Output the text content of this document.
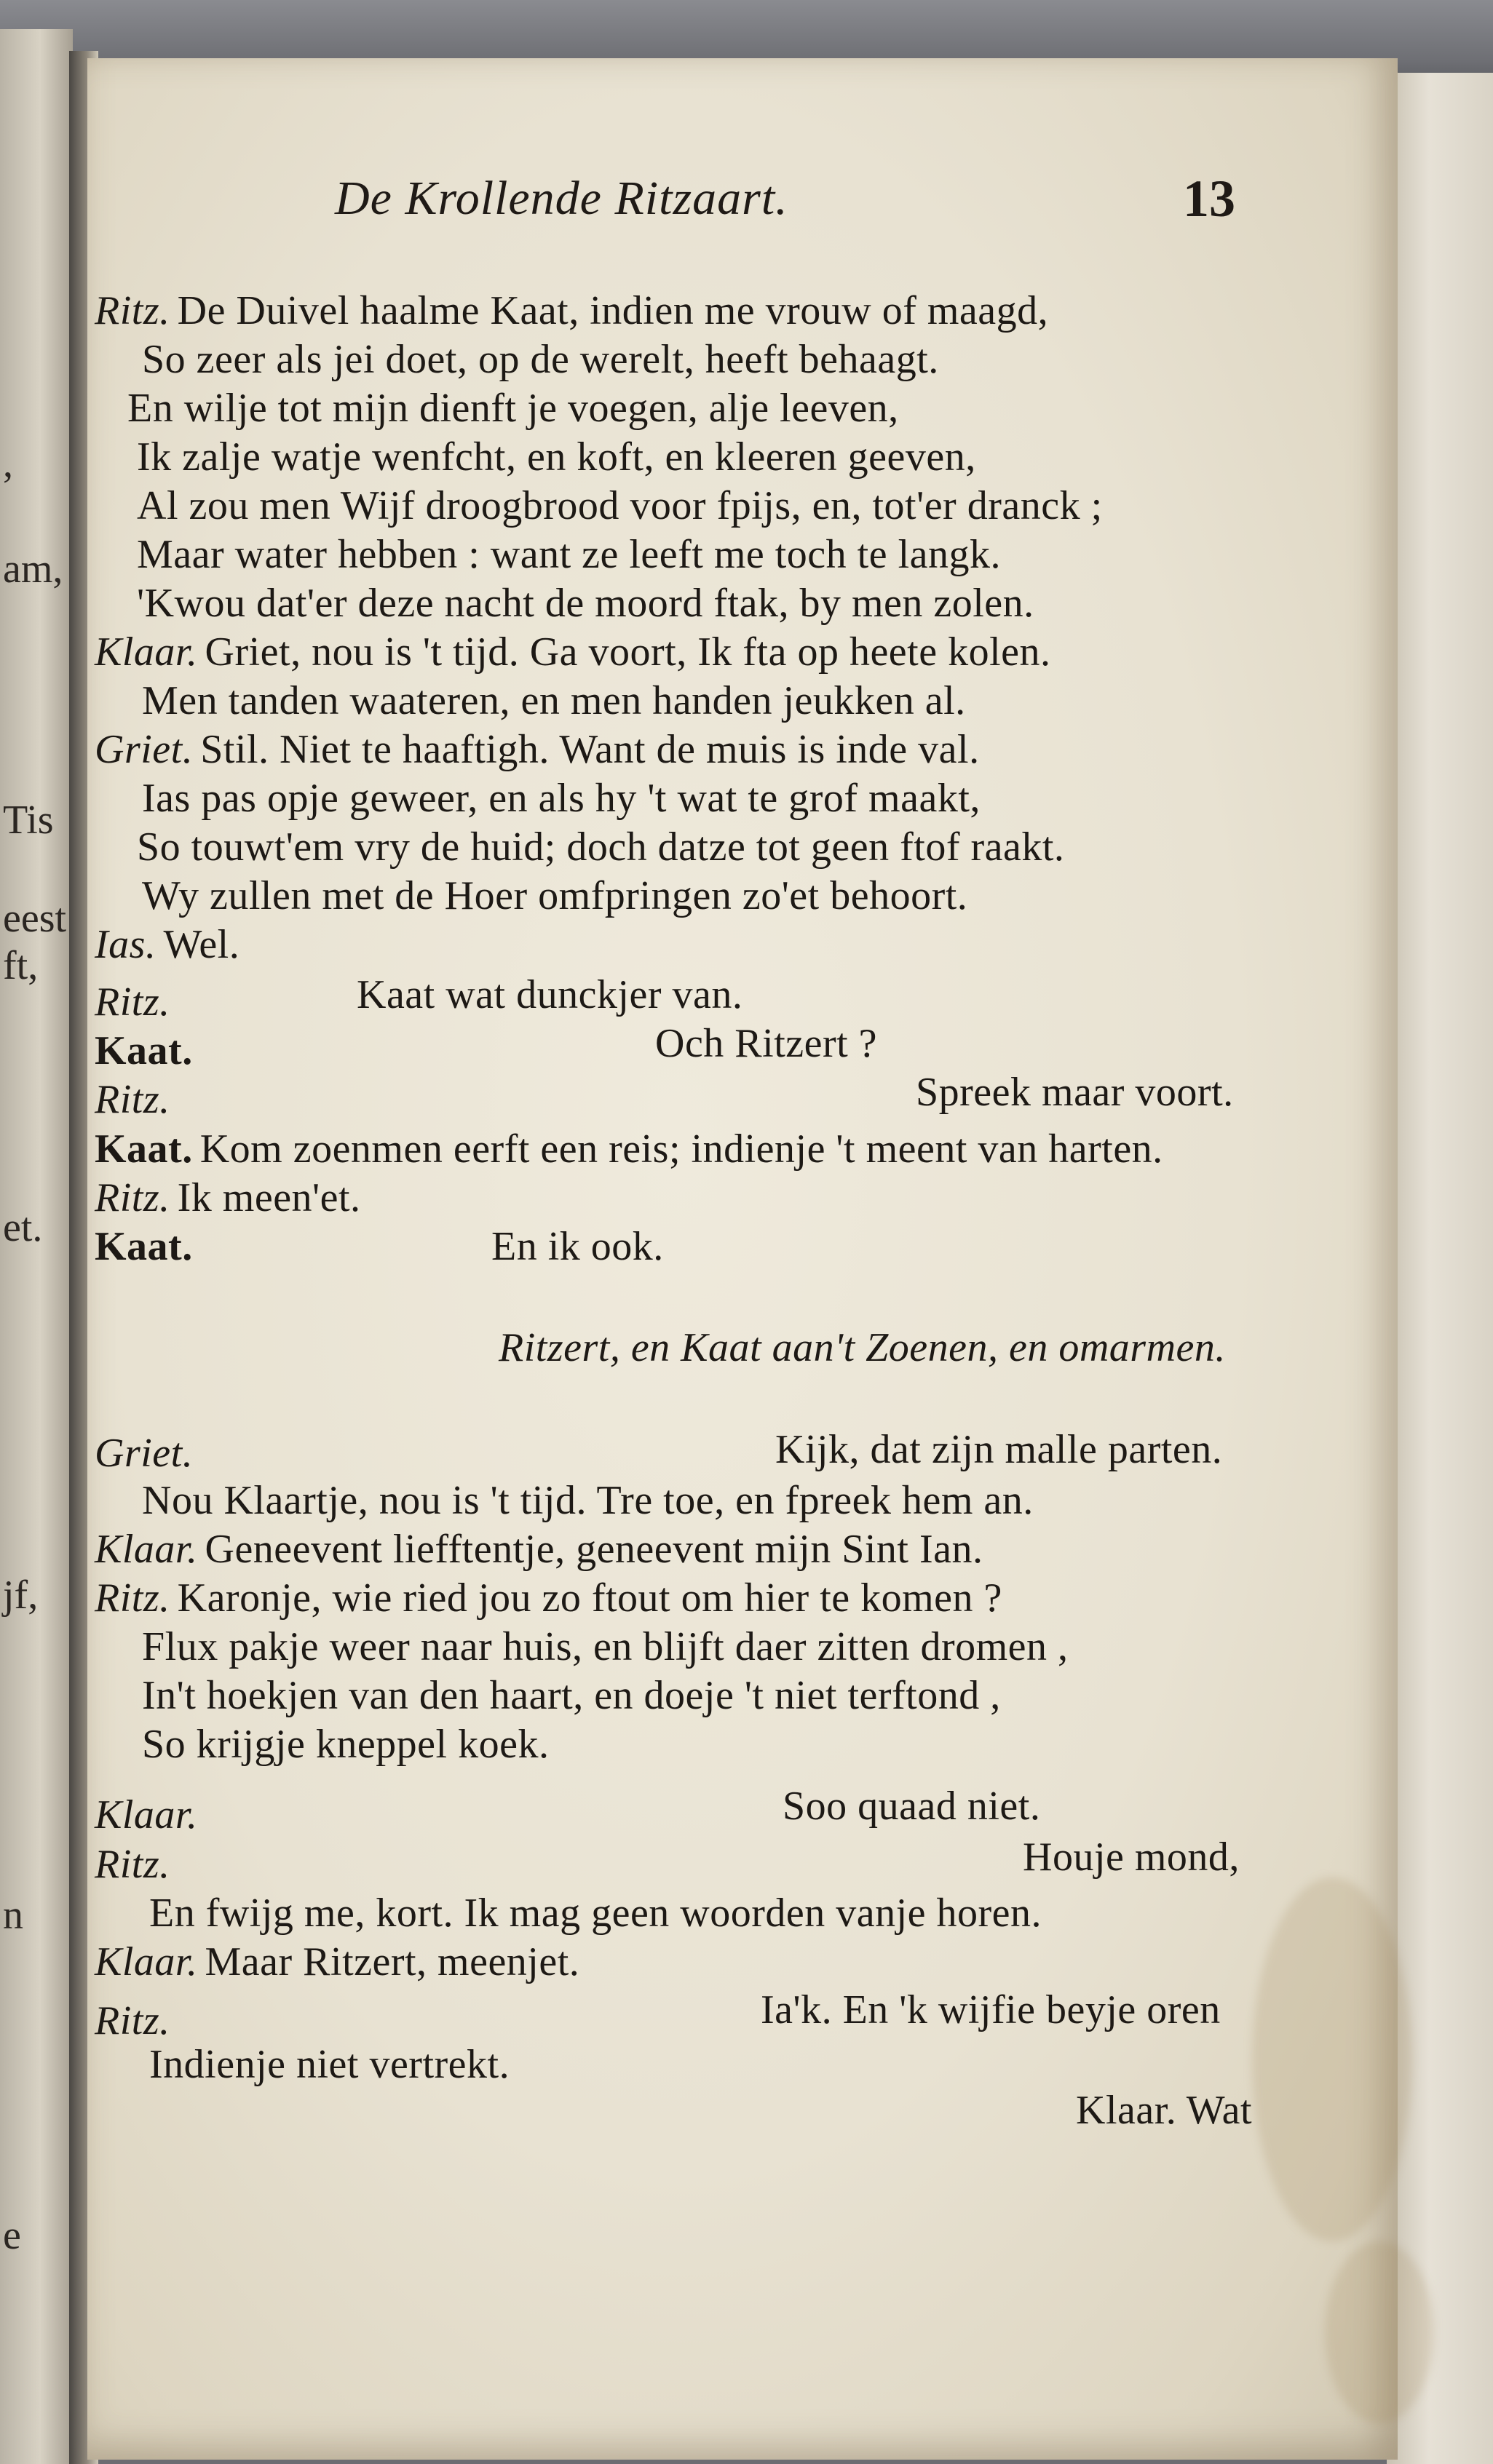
,
am,
Tis
eest
ft,
et.
jf,
n
e
De Krollende Ritzaart.	13
Ritz. De Duivel haalme Kaat, indien me vrouw of maagd,
So zeer als jei doet, op de werelt, heeft behaagt.
En wilje tot mijn dienft je voegen, alje leeven,
Ik zalje watje wenfcht, en koft, en kleeren geeven,
Al zou men Wijf droogbrood voor fpijs, en, tot'er dranck ;
Maar water hebben : want ze leeft me toch te langk.
'Kwou dat'er deze nacht de moord ftak, by men zolen.
Klaar. Griet, nou is 't tijd. Ga voort, Ik fta op heete kolen.
Men tanden waateren, en men handen jeukken al.
Griet. Stil. Niet te haaftigh. Want de muis is inde val.
Ias pas opje geweer, en als hy 't wat te grof maakt,
So touwt'em vry de huid; doch datze tot geen ftof raakt.
Wy zullen met de Hoer omfpringen zo'et behoort.
Ias. Wel.
Ritz.	Kaat wat dunckjer van.
Kaat.	Och Ritzert ?
Ritz.	Spreek maar voort.
Kaat. Kom zoenmen eerft een reis; indienje 't meent van harten.
Ritz. Ik meen'et.
Kaat.	En ik ook.
Ritzert, en Kaat aan't Zoenen, en omarmen.
Griet.	Kijk, dat zijn malle parten.
Nou Klaartje, nou is 't tijd. Tre toe, en fpreek hem an.
Klaar. Geneevent liefftentje, geneevent mijn Sint Ian.
Ritz. Karonje, wie ried jou zo ftout om hier te komen ?
Flux pakje weer naar huis, en blijft daer zitten dromen ,
In't hoekjen van den haart, en doeje 't niet terftond ,
So krijgje kneppel koek.
Klaar.	Soo quaad niet.
Ritz.	Houje mond,
En fwijg me, kort. Ik mag geen woorden vanje horen.
Klaar. Maar Ritzert, meenjet.
Ritz.	Ia'k. En 'k wijfie beyje oren
Indienje niet vertrekt.
Klaar. Wat
